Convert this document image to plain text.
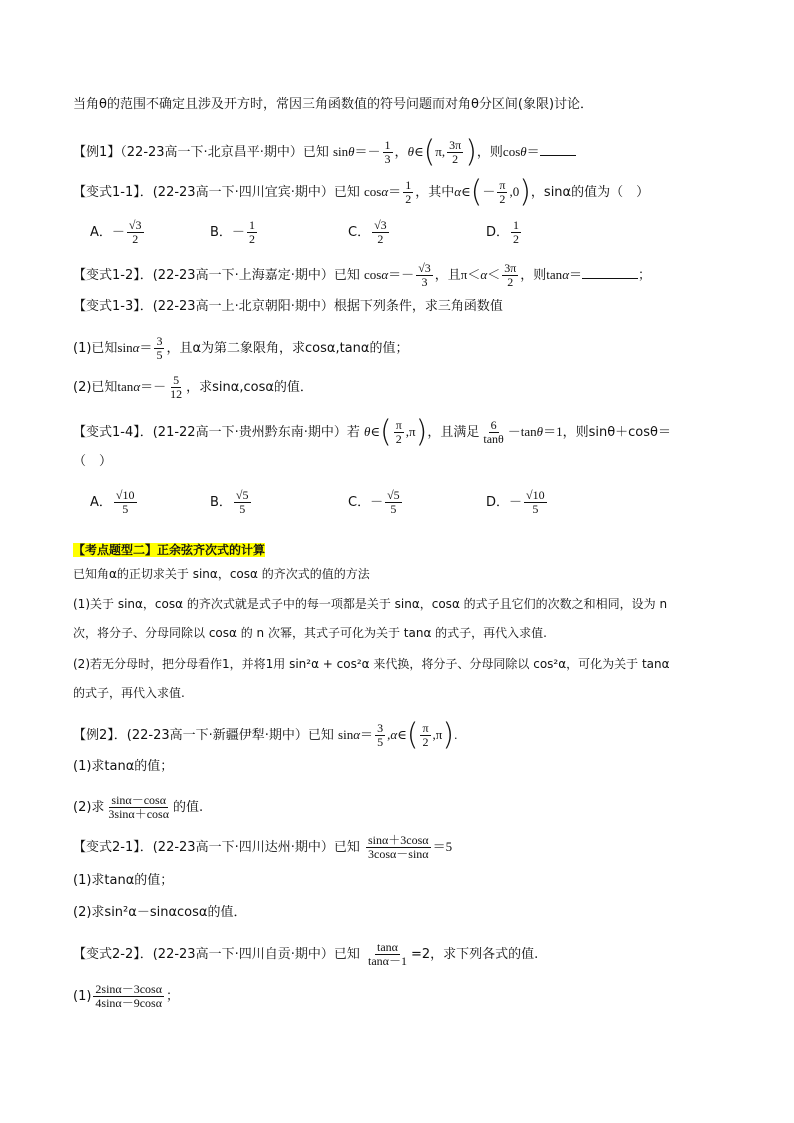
当角θ的范围不确定且涉及开方时，常因三角函数值的符号问题而对角θ分区间(象限)讨论．
【例1】（22-23高一下·北京昌平·期中）已知 $\sin\theta=- \frac{1}{3}$ ，θ∈(π, $\frac{3\pi}{2}$ )，则cosθ＝
【变式1-1】．(22-23高一下·四川宜宾·期中）已知 $\cos\alpha= \frac{1}{2}$ ，其中α∈(－ $\frac{\pi}{2} ,0$)，sinα的值为（　）
A．－ $\frac{√3}{2}$	B．－ $\frac{1}{2}$	C． $\frac{√3}{2}$	D． $\frac{1}{2}$
【变式1-2】．(22-23高一下·上海嘉定·期中）已知 $\cos\alpha=- \frac{√3}{3}$ ，且$\pi<\alpha< \frac{3\pi}{2}$ ，则tanα＝	；
【变式1-3】．(22-23高一上·北京朝阳·期中）根据下列条件，求三角函数值
(1)已知$\sin\alpha= \frac{3}{5}$ ，且α为第二象限角，求cosα,tanα的值；
(2)已知$\tan\alpha=- \frac{5}{12}$ ，求sinα,cosα的值．
【变式1-4】．(21-22高一下·贵州黔东南·期中）若 θ∈( $\frac{\pi}{2} ,\pi$)，且满足 $\frac{6}{\tan\theta} -\tan\theta=1$，则sinθ＋cosθ＝
（　）
A． $\frac{√10}{5}$	B． $\frac{√5}{5}$	C．－ $\frac{√5}{5}$	D．－ $\frac{√10}{5}$
【考点题型二】正余弦齐次式的计算
已知角α的正切求关于 sinα，cosα 的齐次式的值的方法
(1)关于 sinα，cosα 的齐次式就是式子中的每一项都是关于 sinα，cosα 的式子且它们的次数之和相同，设为 n
次，将分子、分母同除以 cosα 的 n 次幂，其式子可化为关于 tanα 的式子，再代入求值.
(2)若无分母时，把分母看作1，并将1用 sin²α + cos²α 来代换，将分子、分母同除以 cos²α，可化为关于 tanα
的式子，再代入求值.
【例2】．(22-23高一下·新疆伊犁·期中）已知 $\sin\alpha= \frac{3}{5}$ ,α∈( $\frac{\pi}{2} ,\pi$).
(1)求tanα的值；
(2)求 $\frac{\sin\alpha-\cos\alpha}{3\sin\alpha+\cos\alpha}$ 的值.
【变式2-1】．(22-23高一下·四川达州·期中）已知 $\frac{\sin\alpha+3\cos\alpha}{3\cos\alpha-\sin\alpha} =5$
(1)求tanα的值；
(2)求sin²α－sinαcosα的值．
【变式2-2】．(22-23高一下·四川自贡·期中）已知 $\frac{\tan\alpha}{\tan\alpha-1} =2$，求下列各式的值.
$(1) \frac{2\sin\alpha-3\cos\alpha}{4\sin\alpha-9\cos\alpha}$ ；
